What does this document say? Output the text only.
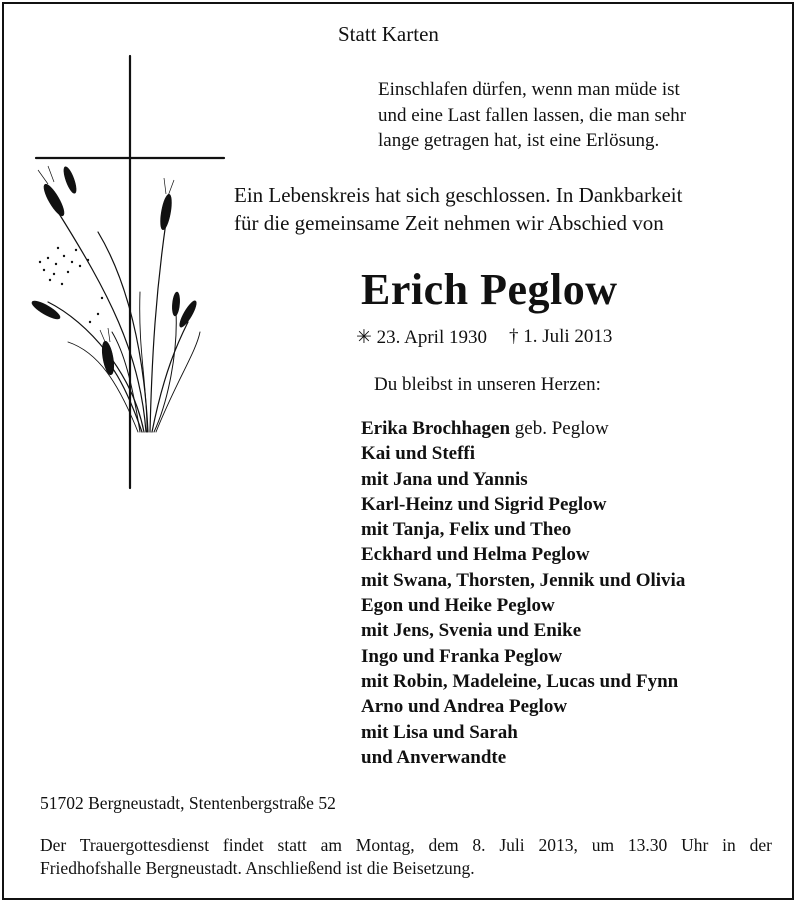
Statt Karten
Einschlafen dürfen, wenn man müde ist
und eine Last fallen lassen, die man sehr
lange getragen hat, ist eine Erlösung.
Ein Lebenskreis hat sich geschlossen. In Dankbarkeit
für die gemeinsame Zeit nehmen wir Abschied von
Erich Peglow
✳ 23. April 1930 † 1. Juli 2013
Du bleibst in unseren Herzen:
Erika Brochhagen geb. Peglow
Kai und Steffi
mit Jana und Yannis
Karl-Heinz und Sigrid Peglow
mit Tanja, Felix und Theo
Eckhard und Helma Peglow
mit Swana, Thorsten, Jennik und Olivia
Egon und Heike Peglow
mit Jens, Svenia und Enike
Ingo und Franka Peglow
mit Robin, Madeleine, Lucas und Fynn
Arno und Andrea Peglow
mit Lisa und Sarah
und Anverwandte
51702 Bergneustadt, Stentenbergstraße 52
Der Trauergottesdienst findet statt am Montag, dem 8. Juli 2013, um 13.30 Uhr in der
Friedhofshalle Bergneustadt. Anschließend ist die Beisetzung.
